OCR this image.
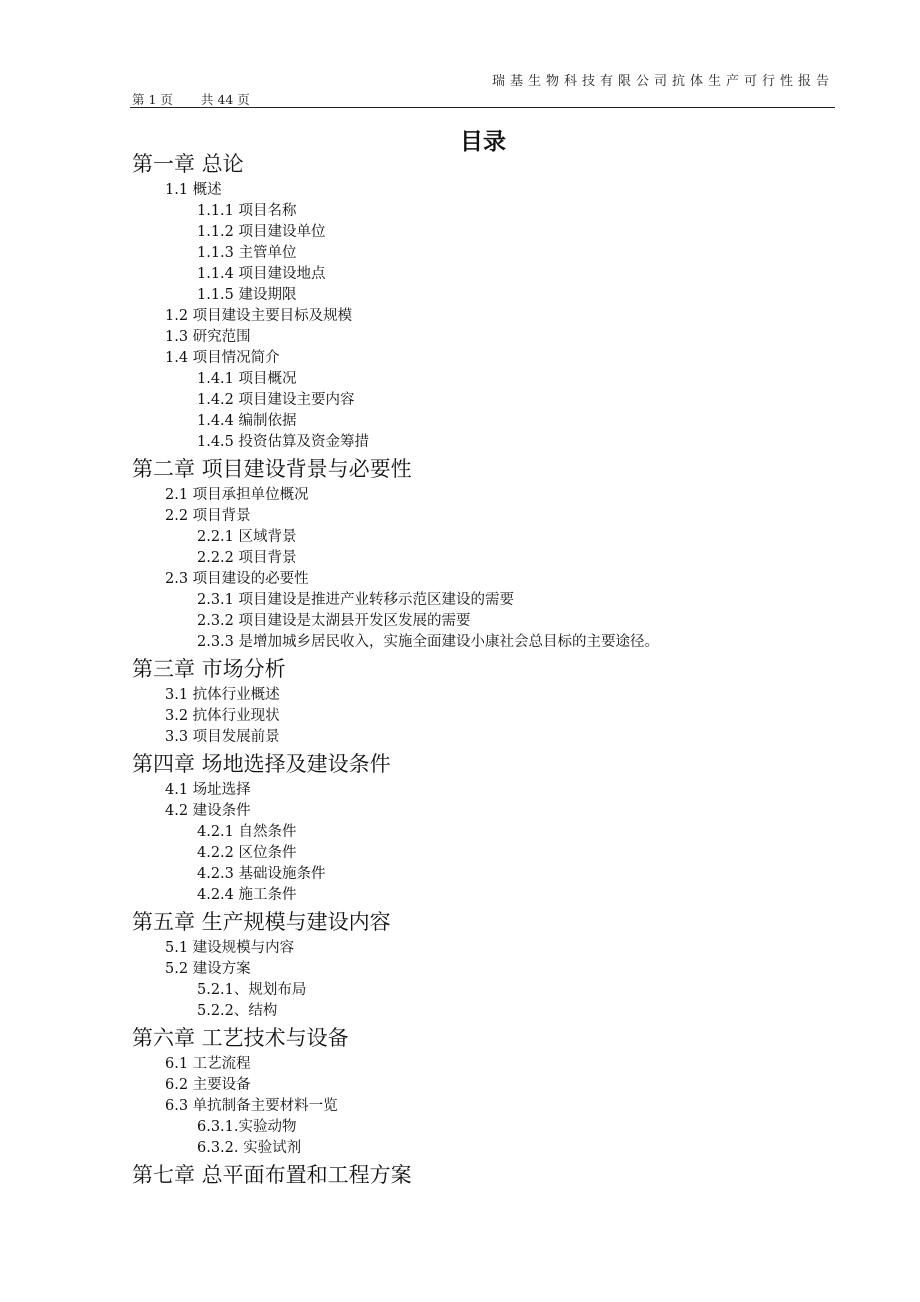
瑞基生物科技有限公司抗体生产可行性报告
第 1 页 共 44 页
目录
第一章 总论
1.1 概述
1.1.1 项目名称
1.1.2 项目建设单位
1.1.3 主管单位
1.1.4 项目建设地点
1.1.5 建设期限
1.2 项目建设主要目标及规模
1.3 研究范围
1.4 项目情况简介
1.4.1 项目概况
1.4.2 项目建设主要内容
1.4.4 编制依据
1.4.5 投资估算及资金筹措
第二章 项目建设背景与必要性
2.1 项目承担单位概况
2.2 项目背景
2.2.1 区域背景
2.2.2 项目背景
2.3 项目建设的必要性
2.3.1 项目建设是推进产业转移示范区建设的需要
2.3.2 项目建设是太湖县开发区发展的需要
2.3.3 是增加城乡居民收入，实施全面建设小康社会总目标的主要途径。
第三章 市场分析
3.1 抗体行业概述
3.2 抗体行业现状
3.3 项目发展前景
第四章 场地选择及建设条件
4.1 场址选择
4.2 建设条件
4.2.1 自然条件
4.2.2 区位条件
4.2.3 基础设施条件
4.2.4 施工条件
第五章 生产规模与建设内容
5.1 建设规模与内容
5.2 建设方案
5.2.1、规划布局
5.2.2、结构
第六章 工艺技术与设备
6.1 工艺流程
6.2 主要设备
6.3 单抗制备主要材料一览
6.3.1.实验动物
6.3.2. 实验试剂
第七章 总平面布置和工程方案
